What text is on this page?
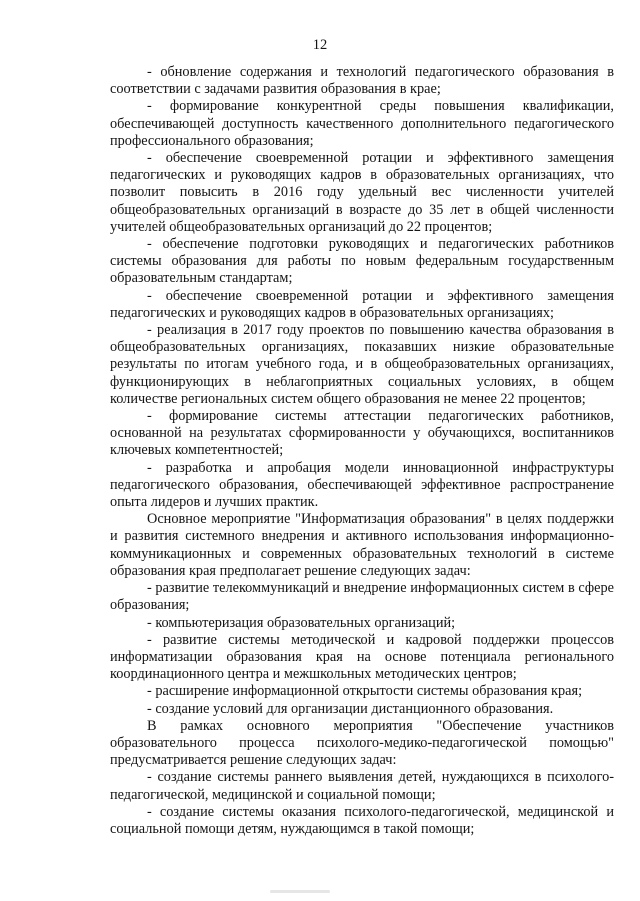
12

- обновление содержания и технологий педагогического образования в соответствии с задачами развития образования в крае;

- формирование конкурентной среды повышения квалификации, обеспечивающей доступность качественного дополнительного педагогического профессионального образования;

- обеспечение своевременной ротации и эффективного замещения педагогических и руководящих кадров в образовательных организациях, что позволит повысить в 2016 году удельный вес численности учителей общеобразовательных организаций в возрасте до 35 лет в общей численности учителей общеобразовательных организаций до 22 процентов;

- обеспечение подготовки руководящих и педагогических работников системы образования для работы по новым федеральным государственным образовательным стандартам;

- обеспечение своевременной ротации и эффективного замещения педагогических и руководящих кадров в образовательных организациях;

- реализация в 2017 году проектов по повышению качества образования в общеобразовательных организациях, показавших низкие образовательные результаты по итогам учебного года, и в общеобразовательных организациях, функционирующих в неблагоприятных социальных условиях, в общем количестве региональных систем общего образования не менее 22 процентов;

- формирование системы аттестации педагогических работников, основанной на результатах сформированности у обучающихся, воспитанников ключевых компетентностей;

- разработка и апробация модели инновационной инфраструктуры педагогического образования, обеспечивающей эффективное распространение опыта лидеров и лучших практик.

Основное мероприятие "Информатизация образования" в целях поддержки и развития системного внедрения и активного использования информационно-коммуникационных и современных образовательных технологий в системе образования края предполагает решение следующих задач:

- развитие телекоммуникаций и внедрение информационных систем в сфере образования;

- компьютеризация образовательных организаций;

- развитие системы методической и кадровой поддержки процессов информатизации образования края на основе потенциала регионального координационного центра и межшкольных методических центров;

- расширение информационной открытости системы образования края;

- создание условий для организации дистанционного образования.

В рамках основного мероприятия "Обеспечение участников образовательного процесса психолого-медико-педагогической помощью" предусматривается решение следующих задач:

- создание системы раннего выявления детей, нуждающихся в психолого-педагогической, медицинской и социальной помощи;

- создание системы оказания психолого-педагогической, медицинской и социальной помощи детям, нуждающимся в такой помощи;
